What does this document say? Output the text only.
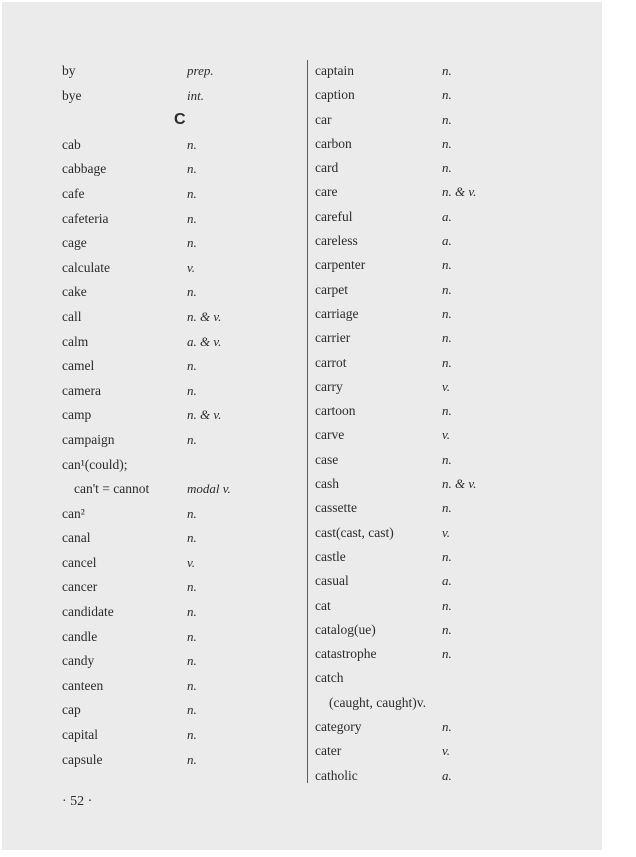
by	prep.
bye	int.
C
cab	n.
cabbage	n.
cafe	n.
cafeteria	n.
cage	n.
calculate	v.
cake	n.
call	n. & v.
calm	a. & v.
camel	n.
camera	n.
camp	n. & v.
campaign	n.
can¹(could);
can't = cannot	modal v.
can²	n.
canal	n.
cancel	v.
cancer	n.
candidate	n.
candle	n.
candy	n.
canteen	n.
cap	n.
capital	n.
capsule	n.
captain	n.
caption	n.
car	n.
carbon	n.
card	n.
care	n. & v.
careful	a.
careless	a.
carpenter	n.
carpet	n.
carriage	n.
carrier	n.
carrot	n.
carry	v.
cartoon	n.
carve	v.
case	n.
cash	n. & v.
cassette	n.
cast(cast, cast)	v.
castle	n.
casual	a.
cat	n.
catalog(ue)	n.
catastrophe	n.
catch
(caught, caught)v.
category	n.
cater	v.
catholic	a.
· 52 ·
